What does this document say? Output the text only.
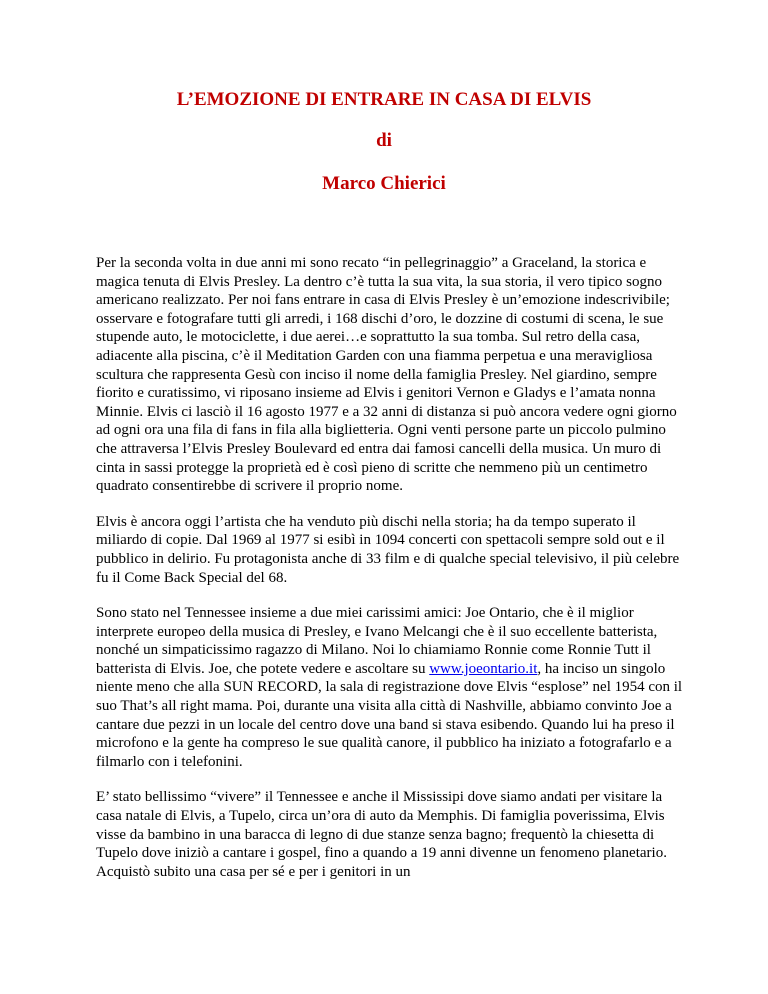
L’EMOZIONE DI ENTRARE IN CASA DI ELVIS
di
Marco Chierici

Per la seconda volta in due anni mi sono recato “in pellegrinaggio” a Graceland, la storica e magica tenuta di Elvis Presley. La dentro c’è tutta la sua vita, la sua storia, il vero tipico sogno americano realizzato. Per noi fans entrare in casa di Elvis Presley è un’emozione indescrivibile; osservare e fotografare tutti gli arredi, i 168 dischi d’oro, le dozzine di costumi di scena, le sue stupende auto, le motociclette, i due aerei…e soprattutto la sua tomba. Sul retro della casa, adiacente alla piscina, c’è il Meditation Garden con una fiamma perpetua e una meravigliosa scultura che rappresenta Gesù con inciso il nome della famiglia Presley. Nel giardino, sempre fiorito e curatissimo, vi riposano insieme ad Elvis i genitori Vernon e Gladys e l’amata nonna Minnie. Elvis ci lasciò il 16 agosto 1977 e a 32 anni di distanza si può ancora vedere ogni giorno ad ogni ora una fila di fans in fila alla biglietteria. Ogni venti persone parte un piccolo pulmino che attraversa l’Elvis Presley Boulevard ed entra dai famosi cancelli della musica. Un muro di cinta in sassi protegge la proprietà ed è così pieno di scritte che nemmeno più un centimetro quadrato consentirebbe di scrivere il proprio nome.

Elvis è ancora oggi l’artista che ha venduto più dischi nella storia; ha da tempo superato il miliardo di copie. Dal 1969 al 1977 si esibì in 1094 concerti con spettacoli sempre sold out e il pubblico in delirio. Fu protagonista anche di 33 film e di qualche special televisivo, il più celebre fu il Come Back Special del 68.

Sono stato nel Tennessee insieme a due miei carissimi amici: Joe Ontario, che è il miglior interprete europeo della musica di Presley, e Ivano Melcangi che è il suo eccellente batterista, nonché un simpaticissimo ragazzo di Milano. Noi lo chiamiamo Ronnie come Ronnie Tutt il batterista di Elvis. Joe, che potete vedere e ascoltare su www.joeontario.it, ha inciso un singolo niente meno che alla SUN RECORD, la sala di registrazione dove Elvis “esplose” nel 1954 con il suo That’s all right mama. Poi, durante una visita alla città di Nashville, abbiamo convinto Joe a cantare due pezzi in un locale del centro dove una band si stava esibendo. Quando lui ha preso il microfono e la gente ha compreso le sue qualità canore, il pubblico ha iniziato a fotografarlo e a filmarlo con i telefonini.

E’ stato bellissimo “vivere” il Tennessee e anche il Mississipi dove siamo andati per visitare la casa natale di Elvis, a Tupelo, circa un’ora di auto da Memphis. Di famiglia poverissima, Elvis visse da bambino in una baracca di legno di due stanze senza bagno; frequentò la chiesetta di Tupelo dove iniziò a cantare i gospel, fino a quando a 19 anni divenne un fenomeno planetario. Acquistò subito una casa per sé e per i genitori in un
